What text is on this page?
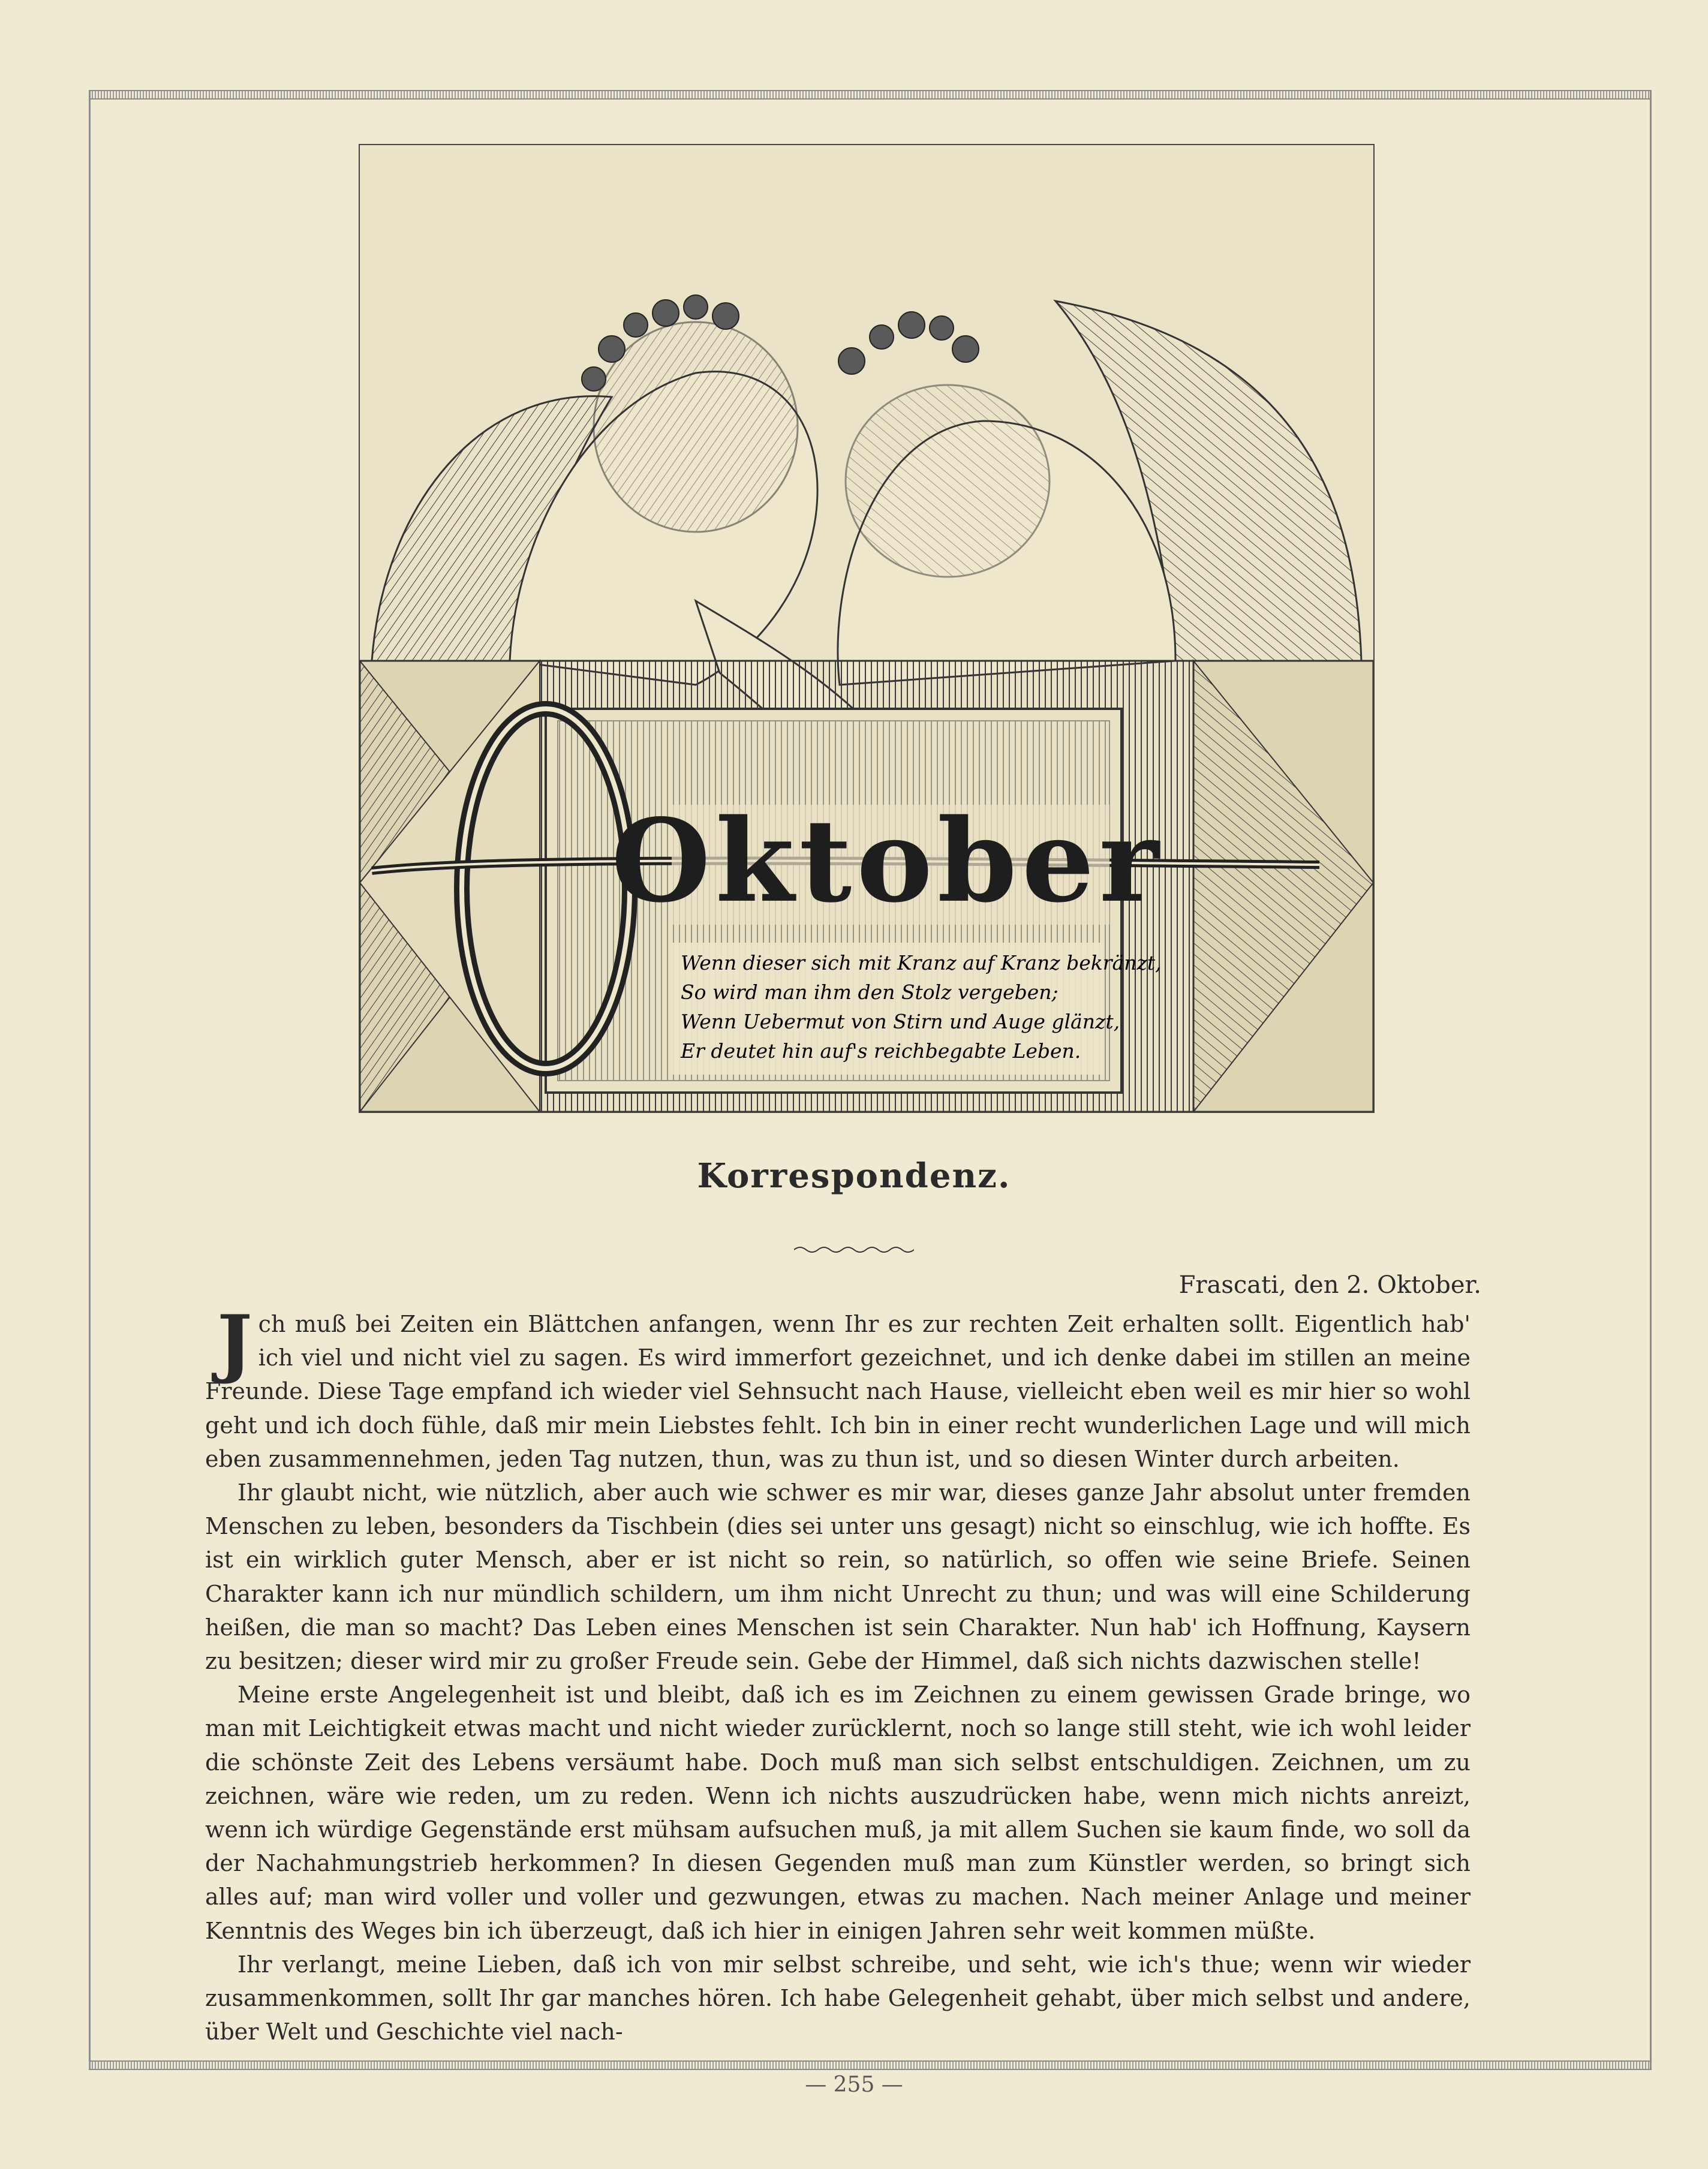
Oktober
Wenn dieser sich mit Kranz auf Kranz bekränzt,
So wird man ihm den Stolz vergeben;
Wenn Uebermut von Stirn und Auge glänzt,
Er deutet hin auf's reichbegabte Leben.
Korrespondenz.
Frascati, den 2. Oktober.

Jch muß bei Zeiten ein Blättchen anfangen, wenn Ihr es zur rechten Zeit erhalten sollt. Eigentlich hab' ich viel und nicht viel zu sagen. Es wird immerfort gezeichnet, und ich denke dabei im stillen an meine Freunde. Diese Tage empfand ich wieder viel Sehnsucht nach Hause, vielleicht eben weil es mir hier so wohl geht und ich doch fühle, daß mir mein Liebstes fehlt. Ich bin in einer recht wunderlichen Lage und will mich eben zusammennehmen, jeden Tag nutzen, thun, was zu thun ist, und so diesen Winter durch arbeiten.

Ihr glaubt nicht, wie nützlich, aber auch wie schwer es mir war, dieses ganze Jahr absolut unter fremden Menschen zu leben, besonders da Tischbein (dies sei unter uns gesagt) nicht so einschlug, wie ich hoffte. Es ist ein wirklich guter Mensch, aber er ist nicht so rein, so natürlich, so offen wie seine Briefe. Seinen Charakter kann ich nur mündlich schildern, um ihm nicht Unrecht zu thun; und was will eine Schilderung heißen, die man so macht? Das Leben eines Menschen ist sein Charakter. Nun hab' ich Hoffnung, Kaysern zu besitzen; dieser wird mir zu großer Freude sein. Gebe der Himmel, daß sich nichts dazwischen stelle!

Meine erste Angelegenheit ist und bleibt, daß ich es im Zeichnen zu einem gewissen Grade bringe, wo man mit Leichtigkeit etwas macht und nicht wieder zurücklernt, noch so lange still steht, wie ich wohl leider die schönste Zeit des Lebens versäumt habe. Doch muß man sich selbst entschuldigen. Zeichnen, um zu zeichnen, wäre wie reden, um zu reden. Wenn ich nichts auszudrücken habe, wenn mich nichts anreizt, wenn ich würdige Gegenstände erst mühsam aufsuchen muß, ja mit allem Suchen sie kaum finde, wo soll da der Nachahmungstrieb herkommen? In diesen Gegenden muß man zum Künstler werden, so bringt sich alles auf; man wird voller und voller und gezwungen, etwas zu machen. Nach meiner Anlage und meiner Kenntnis des Weges bin ich überzeugt, daß ich hier in einigen Jahren sehr weit kommen müßte.

Ihr verlangt, meine Lieben, daß ich von mir selbst schreibe, und seht, wie ich's thue; wenn wir wieder zusammenkommen, sollt Ihr gar manches hören. Ich habe Gelegenheit gehabt, über mich selbst und andere, über Welt und Geschichte viel nach-

— 255 —
